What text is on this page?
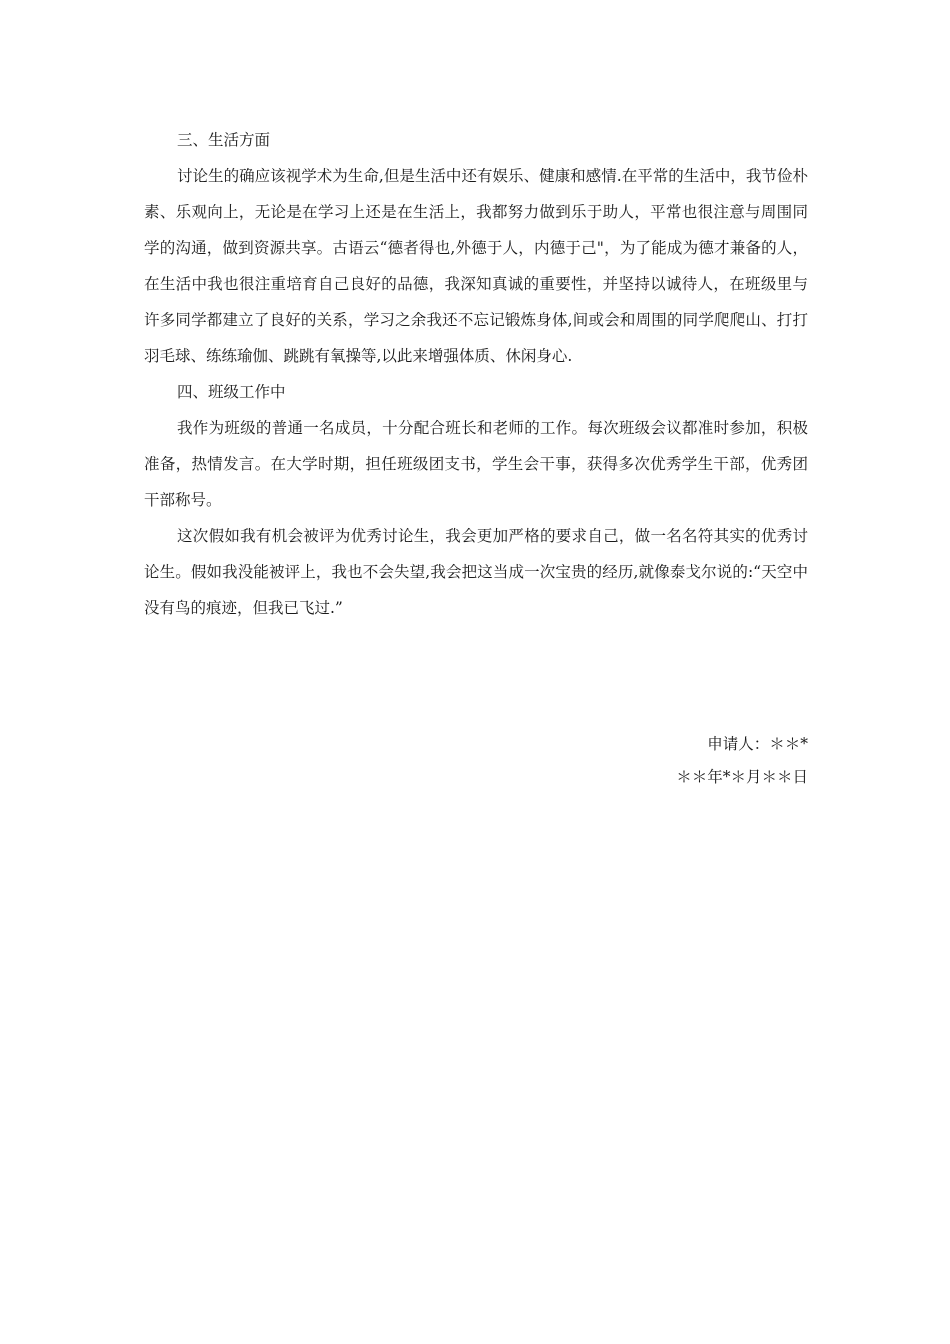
三、生活方面

讨论生的确应该视学术为生命,但是生活中还有娱乐、健康和感情.在平常的生活中，我节俭朴素、乐观向上，无论是在学习上还是在生活上，我都努力做到乐于助人，平常也很注意与周围同学的沟通，做到资源共享。古语云“德者得也,外德于人，内德于己"，为了能成为德才兼备的人，在生活中我也很注重培育自己良好的品德，我深知真诚的重要性，并坚持以诚待人，在班级里与许多同学都建立了良好的关系，学习之余我还不忘记锻炼身体,间或会和周围的同学爬爬山、打打羽毛球、练练瑜伽、跳跳有氧操等,以此来增强体质、休闲身心.

四、班级工作中

我作为班级的普通一名成员，十分配合班长和老师的工作。每次班级会议都准时参加，积极准备，热情发言。在大学时期，担任班级团支书，学生会干事，获得多次优秀学生干部，优秀团干部称号。

这次假如我有机会被评为优秀讨论生，我会更加严格的要求自己，做一名名符其实的优秀讨论生。假如我没能被评上，我也不会失望,我会把这当成一次宝贵的经历,就像泰戈尔说的:“天空中没有鸟的痕迹，但我已飞过.”

申请人：＊＊*

＊＊年*＊月＊＊日
